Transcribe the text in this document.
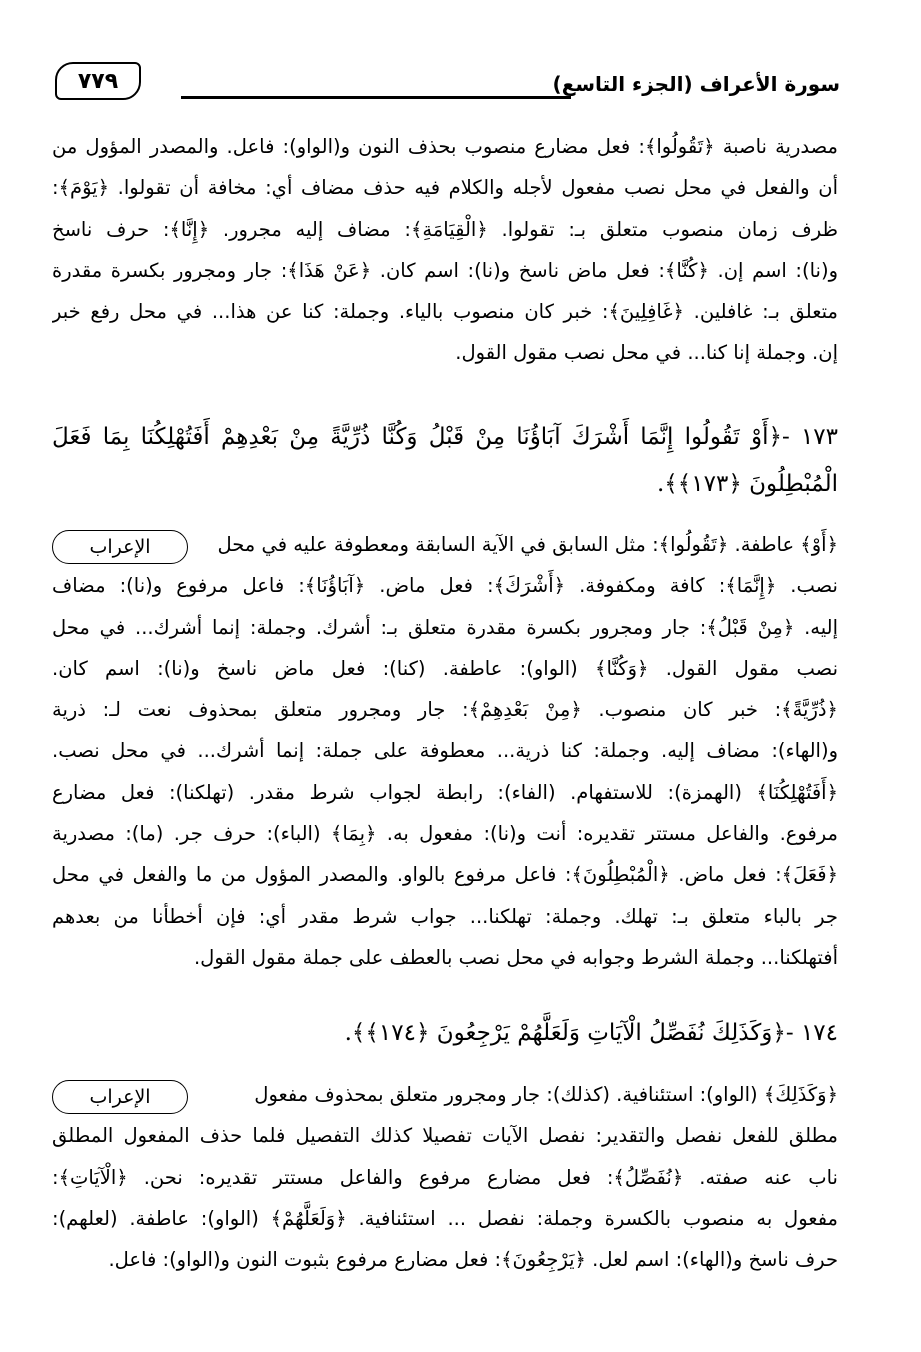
٧٧٩	سورة الأعراف (الجزء التاسع)
مصدرية ناصبة ﴿تَقُولُوا﴾: فعل مضارع منصوب بحذف النون و(الواو): فاعل. والمصدر المؤول من
أن والفعل في محل نصب مفعول لأجله والكلام فيه حذف مضاف أي: مخافة أن تقولوا. ﴿يَوْمَ﴾:
ظرف زمان منصوب متعلق بـ: تقولوا. ﴿الْقِيَامَةِ﴾: مضاف إليه مجرور. ﴿إِنَّا﴾: حرف ناسخ
و(نا): اسم إن. ﴿كُنَّا﴾: فعل ماض ناسخ و(نا): اسم كان. ﴿عَنْ هَذَا﴾: جار ومجرور بكسرة مقدرة
متعلق بـ: غافلين. ﴿غَافِلِينَ﴾: خبر كان منصوب بالياء. وجملة: كنا عن هذا... في محل رفع خبر
إن. وجملة إنا كنا... في محل نصب مقول القول.
١٧٣ -﴿أَوْ تَقُولُوا إِنَّمَا أَشْرَكَ آبَاؤُنَا مِنْ قَبْلُ وَكُنَّا ذُرِّيَّةً مِنْ بَعْدِهِمْ أَفَتُهْلِكُنَا بِمَا فَعَلَ
الْمُبْطِلُونَ ﴿١٧٣﴾﴾.
الإعراب	﴿أَوْ﴾ عاطفة. ﴿تَقُولُوا﴾: مثل السابق في الآية السابقة ومعطوفة عليه في محل
نصب. ﴿إِنَّمَا﴾: كافة ومكفوفة. ﴿أَشْرَكَ﴾: فعل ماض. ﴿آبَاؤُنَا﴾: فاعل مرفوع و(نا): مضاف
إليه. ﴿مِنْ قَبْلُ﴾: جار ومجرور بكسرة مقدرة متعلق بـ: أشرك. وجملة: إنما أشرك... في محل
نصب مقول القول. ﴿وَكُنَّا﴾ (الواو): عاطفة. (كنا): فعل ماض ناسخ و(نا): اسم كان.
﴿ذُرِّيَّةً﴾: خبر كان منصوب. ﴿مِنْ بَعْدِهِمْ﴾: جار ومجرور متعلق بمحذوف نعت لـ: ذرية
و(الهاء): مضاف إليه. وجملة: كنا ذرية... معطوفة على جملة: إنما أشرك... في محل نصب.
﴿أَفَتُهْلِكُنَا﴾ (الهمزة): للاستفهام. (الفاء): رابطة لجواب شرط مقدر. (تهلكنا): فعل مضارع
مرفوع. والفاعل مستتر تقديره: أنت و(نا): مفعول به. ﴿بِمَا﴾ (الباء): حرف جر. (ما): مصدرية
﴿فَعَلَ﴾: فعل ماض. ﴿الْمُبْطِلُونَ﴾: فاعل مرفوع بالواو. والمصدر المؤول من ما والفعل في محل
جر بالباء متعلق بـ: تهلك. وجملة: تهلكنا... جواب شرط مقدر أي: فإن أخطأنا من بعدهم
أفتهلكنا... وجملة الشرط وجوابه في محل نصب بالعطف على جملة مقول القول.
١٧٤ -﴿وَكَذَلِكَ نُفَصِّلُ الْآيَاتِ وَلَعَلَّهُمْ يَرْجِعُونَ ﴿١٧٤﴾﴾.
الإعراب	﴿وَكَذَلِكَ﴾ (الواو): استئنافية. (كذلك): جار ومجرور متعلق بمحذوف مفعول
مطلق للفعل نفصل والتقدير: نفصل الآيات تفصيلا كذلك التفصيل فلما حذف المفعول المطلق
ناب عنه صفته. ﴿نُفَصِّلُ﴾: فعل مضارع مرفوع والفاعل مستتر تقديره: نحن. ﴿الْآيَاتِ﴾:
مفعول به منصوب بالكسرة وجملة: نفصل ... استئنافية. ﴿وَلَعَلَّهُمْ﴾ (الواو): عاطفة. (لعلهم):
حرف ناسخ و(الهاء): اسم لعل. ﴿يَرْجِعُونَ﴾: فعل مضارع مرفوع بثبوت النون و(الواو): فاعل.
